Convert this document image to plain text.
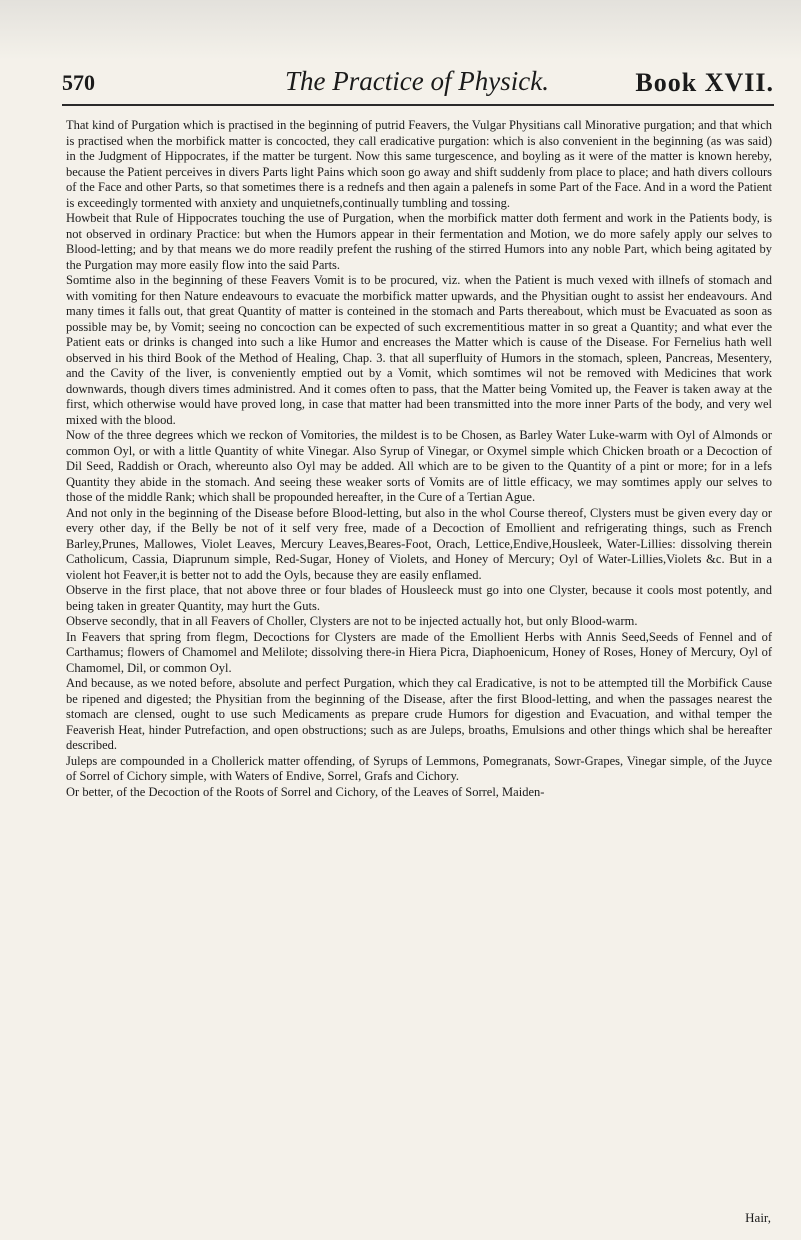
570	The Practice of Physick.	Book XVII.

That kind of Purgation which is practised in the beginning of putrid Feavers, the Vulgar Physitians call Minorative purgation; and that which is practised when the morbifick matter is concocted, they call eradicative purgation: which is also convenient in the beginning (as was said) in the Judgment of Hippocrates, if the matter be turgent. Now this same turgescence, and boyling as it were of the matter is known hereby, because the Patient perceives in divers Parts light Pains which soon go away and shift suddenly from place to place; and hath divers collours of the Face and other Parts, so that sometimes there is a rednefs and then again a palenefs in some Part of the Face. And in a word the Patient is exceedingly tormented with anxiety and unquietnefs,continually tumbling and tossing.

Howbeit that Rule of Hippocrates touching the use of Purgation, when the morbifick matter doth ferment and work in the Patients body, is not observed in ordinary Practice: but when the Humors appear in their fermentation and Motion, we do more safely apply our selves to Blood-letting; and by that means we do more readily prefent the rushing of the stirred Humors into any noble Part, which being agitated by the Purgation may more easily flow into the said Parts.

Somtime also in the beginning of these Feavers Vomit is to be procured, viz. when the Patient is much vexed with illnefs of stomach and with vomiting for then Nature endeavours to evacuate the morbifick matter upwards, and the Physitian ought to assist her endeavours. And many times it falls out, that great Quantity of matter is conteined in the stomach and Parts thereabout, which must be Evacuated as soon as possible may be, by Vomit; seeing no concoction can be expected of such excrementitious matter in so great a Quantity; and what ever the Patient eats or drinks is changed into such a like Humor and encreases the Matter which is cause of the Disease. For Fernelius hath well observed in his third Book of the Method of Healing, Chap. 3. that all superfluity of Humors in the stomach, spleen, Pancreas, Mesentery, and the Cavity of the liver, is conveniently emptied out by a Vomit, which somtimes wil not be removed with Medicines that work downwards, though divers times administred. And it comes often to pass, that the Matter being Vomited up, the Feaver is taken away at the first, which otherwise would have proved long, in case that matter had been transmitted into the more inner Parts of the body, and very wel mixed with the blood.

Now of the three degrees which we reckon of Vomitories, the mildest is to be Chosen, as Barley Water Luke-warm with Oyl of Almonds or common Oyl, or with a little Quantity of white Vinegar. Also Syrup of Vinegar, or Oxymel simple which Chicken broath or a Decoction of Dil Seed, Raddish or Orach, whereunto also Oyl may be added. All which are to be given to the Quantity of a pint or more; for in a lefs Quantity they abide in the stomach. And seeing these weaker sorts of Vomits are of little efficacy, we may somtimes apply our selves to those of the middle Rank; which shall be propounded hereafter, in the Cure of a Tertian Ague.

And not only in the beginning of the Disease before Blood-letting, but also in the whol Course thereof, Clysters must be given every day or every other day, if the Belly be not of it self very free, made of a Decoction of Emollient and refrigerating things, such as French Barley,Prunes, Mallowes, Violet Leaves, Mercury Leaves,Beares-Foot, Orach, Lettice,Endive,Housleek, Water-Lillies: dissolving therein Catholicum, Cassia, Diaprunum simple, Red-Sugar, Honey of Violets, and Honey of Mercury; Oyl of Water-Lillies,Violets &c. But in a violent hot Feaver,it is better not to add the Oyls, because they are easily enflamed.

Observe in the first place, that not above three or four blades of Housleeck must go into one Clyster, because it cools most potently, and being taken in greater Quantity, may hurt the Guts.

Observe secondly, that in all Feavers of Choller, Clysters are not to be injected actually hot, but only Blood-warm.

In Feavers that spring from flegm, Decoctions for Clysters are made of the Emollient Herbs with Annis Seed,Seeds of Fennel and of Carthamus; flowers of Chamomel and Melilote; dissolving there-in Hiera Picra, Diaphoenicum, Honey of Roses, Honey of Mercury, Oyl of Chamomel, Dil, or common Oyl.

And because, as we noted before, absolute and perfect Purgation, which they cal Eradicative, is not to be attempted till the Morbifick Cause be ripened and digested; the Physitian from the beginning of the Disease, after the first Blood-letting, and when the passages nearest the stomach are clensed, ought to use such Medicaments as prepare crude Humors for digestion and Evacuation, and withal temper the Feaverish Heat, hinder Putrefaction, and open obstructions; such as are Juleps, broaths, Emulsions and other things which shal be hereafter described.

Juleps are compounded in a Chollerick matter offending, of Syrups of Lemmons, Pomegranats, Sowr-Grapes, Vinegar simple, of the Juyce of Sorrel of Cichory simple, with Waters of Endive, Sorrel, Grafs and Cichory.

Or better, of the Decoction of the Roots of Sorrel and Cichory, of the Leaves of Sorrel, Maiden-

Hair,
